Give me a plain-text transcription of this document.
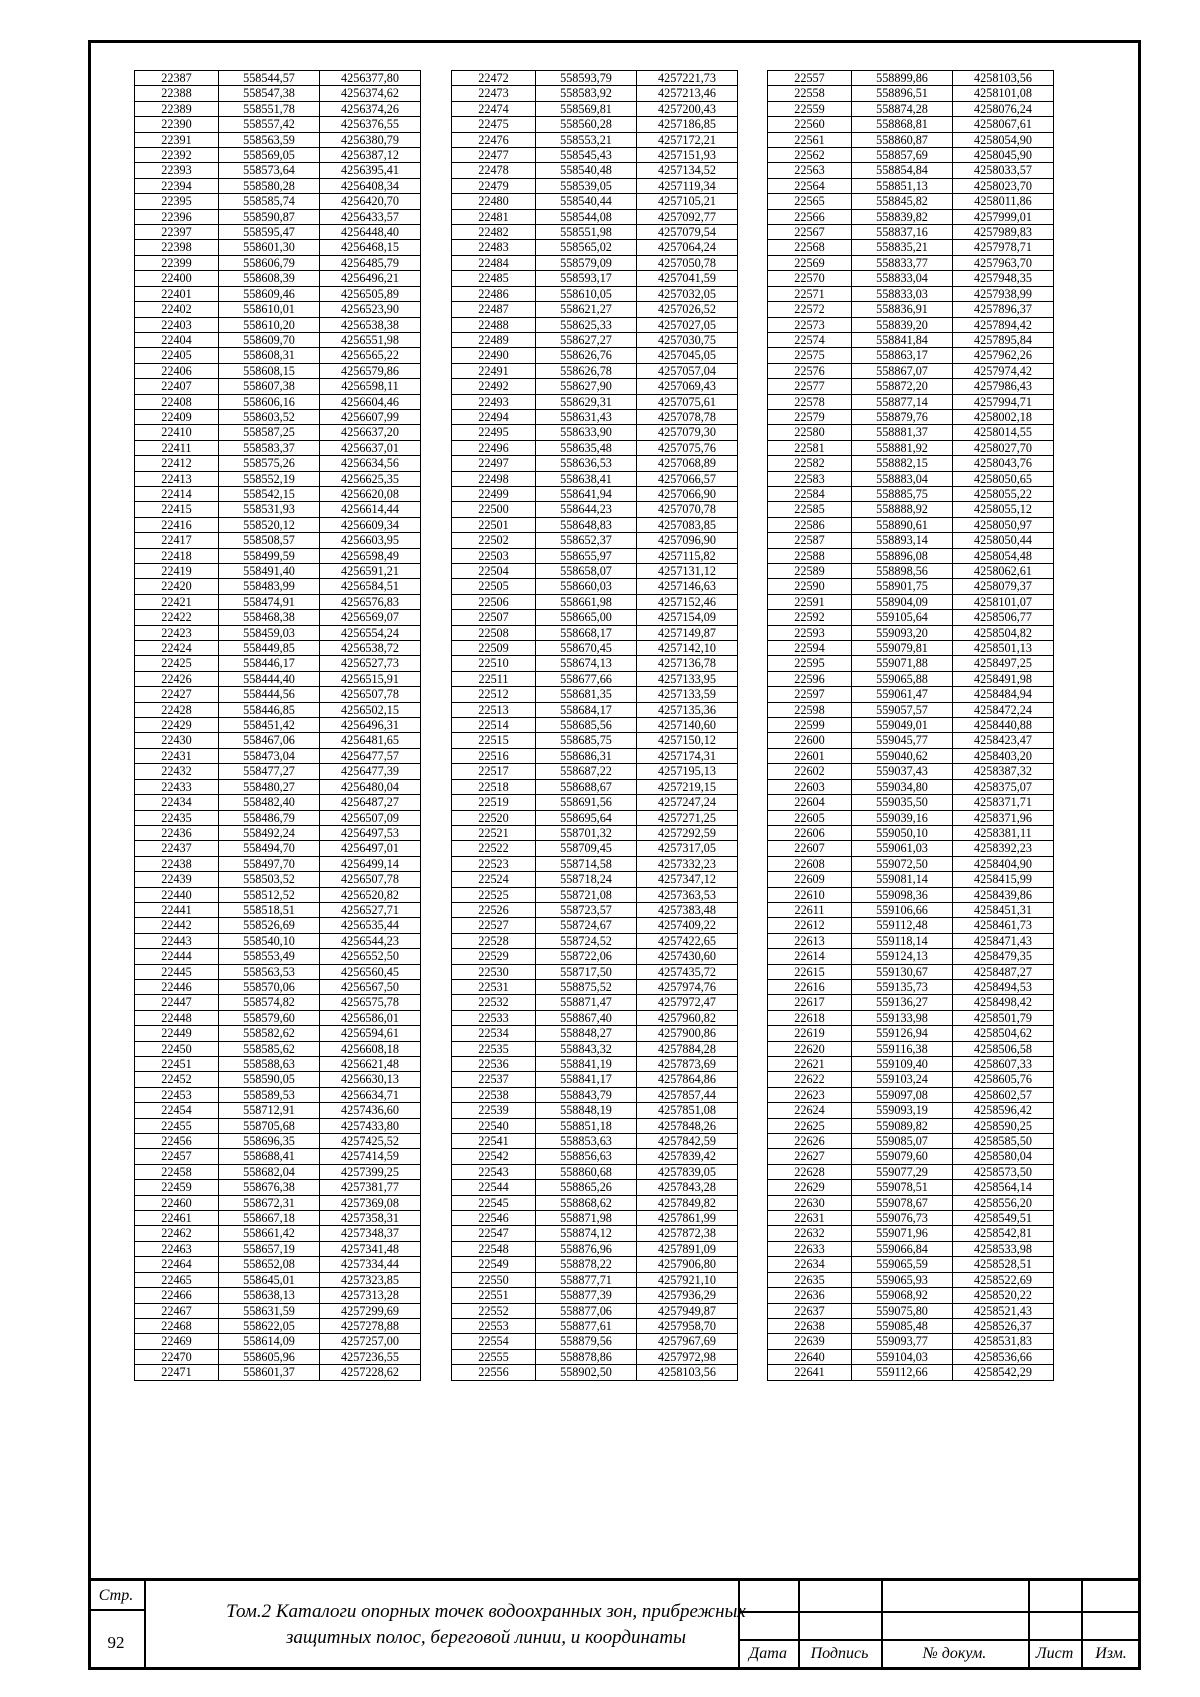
22387	558544,57	4256377,80
22388	558547,38	4256374,62
22389	558551,78	4256374,26
22390	558557,42	4256376,55
22391	558563,59	4256380,79
22392	558569,05	4256387,12
22393	558573,64	4256395,41
22394	558580,28	4256408,34
22395	558585,74	4256420,70
22396	558590,87	4256433,57
22397	558595,47	4256448,40
22398	558601,30	4256468,15
22399	558606,79	4256485,79
22400	558608,39	4256496,21
22401	558609,46	4256505,89
22402	558610,01	4256523,90
22403	558610,20	4256538,38
22404	558609,70	4256551,98
22405	558608,31	4256565,22
22406	558608,15	4256579,86
22407	558607,38	4256598,11
22408	558606,16	4256604,46
22409	558603,52	4256607,99
22410	558587,25	4256637,20
22411	558583,37	4256637,01
22412	558575,26	4256634,56
22413	558552,19	4256625,35
22414	558542,15	4256620,08
22415	558531,93	4256614,44
22416	558520,12	4256609,34
22417	558508,57	4256603,95
22418	558499,59	4256598,49
22419	558491,40	4256591,21
22420	558483,99	4256584,51
22421	558474,91	4256576,83
22422	558468,38	4256569,07
22423	558459,03	4256554,24
22424	558449,85	4256538,72
22425	558446,17	4256527,73
22426	558444,40	4256515,91
22427	558444,56	4256507,78
22428	558446,85	4256502,15
22429	558451,42	4256496,31
22430	558467,06	4256481,65
22431	558473,04	4256477,57
22432	558477,27	4256477,39
22433	558480,27	4256480,04
22434	558482,40	4256487,27
22435	558486,79	4256507,09
22436	558492,24	4256497,53
22437	558494,70	4256497,01
22438	558497,70	4256499,14
22439	558503,52	4256507,78
22440	558512,52	4256520,82
22441	558518,51	4256527,71
22442	558526,69	4256535,44
22443	558540,10	4256544,23
22444	558553,49	4256552,50
22445	558563,53	4256560,45
22446	558570,06	4256567,50
22447	558574,82	4256575,78
22448	558579,60	4256586,01
22449	558582,62	4256594,61
22450	558585,62	4256608,18
22451	558588,63	4256621,48
22452	558590,05	4256630,13
22453	558589,53	4256634,71
22454	558712,91	4257436,60
22455	558705,68	4257433,80
22456	558696,35	4257425,52
22457	558688,41	4257414,59
22458	558682,04	4257399,25
22459	558676,38	4257381,77
22460	558672,31	4257369,08
22461	558667,18	4257358,31
22462	558661,42	4257348,37
22463	558657,19	4257341,48
22464	558652,08	4257334,44
22465	558645,01	4257323,85
22466	558638,13	4257313,28
22467	558631,59	4257299,69
22468	558622,05	4257278,88
22469	558614,09	4257257,00
22470	558605,96	4257236,55
22471	558601,37	4257228,62
22472	558593,79	4257221,73
22473	558583,92	4257213,46
22474	558569,81	4257200,43
22475	558560,28	4257186,85
22476	558553,21	4257172,21
22477	558545,43	4257151,93
22478	558540,48	4257134,52
22479	558539,05	4257119,34
22480	558540,44	4257105,21
22481	558544,08	4257092,77
22482	558551,98	4257079,54
22483	558565,02	4257064,24
22484	558579,09	4257050,78
22485	558593,17	4257041,59
22486	558610,05	4257032,05
22487	558621,27	4257026,52
22488	558625,33	4257027,05
22489	558627,27	4257030,75
22490	558626,76	4257045,05
22491	558626,78	4257057,04
22492	558627,90	4257069,43
22493	558629,31	4257075,61
22494	558631,43	4257078,78
22495	558633,90	4257079,30
22496	558635,48	4257075,76
22497	558636,53	4257068,89
22498	558638,41	4257066,57
22499	558641,94	4257066,90
22500	558644,23	4257070,78
22501	558648,83	4257083,85
22502	558652,37	4257096,90
22503	558655,97	4257115,82
22504	558658,07	4257131,12
22505	558660,03	4257146,63
22506	558661,98	4257152,46
22507	558665,00	4257154,09
22508	558668,17	4257149,87
22509	558670,45	4257142,10
22510	558674,13	4257136,78
22511	558677,66	4257133,95
22512	558681,35	4257133,59
22513	558684,17	4257135,36
22514	558685,56	4257140,60
22515	558685,75	4257150,12
22516	558686,31	4257174,31
22517	558687,22	4257195,13
22518	558688,67	4257219,15
22519	558691,56	4257247,24
22520	558695,64	4257271,25
22521	558701,32	4257292,59
22522	558709,45	4257317,05
22523	558714,58	4257332,23
22524	558718,24	4257347,12
22525	558721,08	4257363,53
22526	558723,57	4257383,48
22527	558724,67	4257409,22
22528	558724,52	4257422,65
22529	558722,06	4257430,60
22530	558717,50	4257435,72
22531	558875,52	4257974,76
22532	558871,47	4257972,47
22533	558867,40	4257960,82
22534	558848,27	4257900,86
22535	558843,32	4257884,28
22536	558841,19	4257873,69
22537	558841,17	4257864,86
22538	558843,79	4257857,44
22539	558848,19	4257851,08
22540	558851,18	4257848,26
22541	558853,63	4257842,59
22542	558856,63	4257839,42
22543	558860,68	4257839,05
22544	558865,26	4257843,28
22545	558868,62	4257849,82
22546	558871,98	4257861,99
22547	558874,12	4257872,38
22548	558876,96	4257891,09
22549	558878,22	4257906,80
22550	558877,71	4257921,10
22551	558877,39	4257936,29
22552	558877,06	4257949,87
22553	558877,61	4257958,70
22554	558879,56	4257967,69
22555	558878,86	4257972,98
22556	558902,50	4258103,56
22557	558899,86	4258103,56
22558	558896,51	4258101,08
22559	558874,28	4258076,24
22560	558868,81	4258067,61
22561	558860,87	4258054,90
22562	558857,69	4258045,90
22563	558854,84	4258033,57
22564	558851,13	4258023,70
22565	558845,82	4258011,86
22566	558839,82	4257999,01
22567	558837,16	4257989,83
22568	558835,21	4257978,71
22569	558833,77	4257963,70
22570	558833,04	4257948,35
22571	558833,03	4257938,99
22572	558836,91	4257896,37
22573	558839,20	4257894,42
22574	558841,84	4257895,84
22575	558863,17	4257962,26
22576	558867,07	4257974,42
22577	558872,20	4257986,43
22578	558877,14	4257994,71
22579	558879,76	4258002,18
22580	558881,37	4258014,55
22581	558881,92	4258027,70
22582	558882,15	4258043,76
22583	558883,04	4258050,65
22584	558885,75	4258055,22
22585	558888,92	4258055,12
22586	558890,61	4258050,97
22587	558893,14	4258050,44
22588	558896,08	4258054,48
22589	558898,56	4258062,61
22590	558901,75	4258079,37
22591	558904,09	4258101,07
22592	559105,64	4258506,77
22593	559093,20	4258504,82
22594	559079,81	4258501,13
22595	559071,88	4258497,25
22596	559065,88	4258491,98
22597	559061,47	4258484,94
22598	559057,57	4258472,24
22599	559049,01	4258440,88
22600	559045,77	4258423,47
22601	559040,62	4258403,20
22602	559037,43	4258387,32
22603	559034,80	4258375,07
22604	559035,50	4258371,71
22605	559039,16	4258371,96
22606	559050,10	4258381,11
22607	559061,03	4258392,23
22608	559072,50	4258404,90
22609	559081,14	4258415,99
22610	559098,36	4258439,86
22611	559106,66	4258451,31
22612	559112,48	4258461,73
22613	559118,14	4258471,43
22614	559124,13	4258479,35
22615	559130,67	4258487,27
22616	559135,73	4258494,53
22617	559136,27	4258498,42
22618	559133,98	4258501,79
22619	559126,94	4258504,62
22620	559116,38	4258506,58
22621	559109,40	4258607,33
22622	559103,24	4258605,76
22623	559097,08	4258602,57
22624	559093,19	4258596,42
22625	559089,82	4258590,25
22626	559085,07	4258585,50
22627	559079,60	4258580,04
22628	559077,29	4258573,50
22629	559078,51	4258564,14
22630	559078,67	4258556,20
22631	559076,73	4258549,51
22632	559071,96	4258542,81
22633	559066,84	4258533,98
22634	559065,59	4258528,51
22635	559065,93	4258522,69
22636	559068,92	4258520,22
22637	559075,80	4258521,43
22638	559085,48	4258526,37
22639	559093,77	4258531,83
22640	559104,03	4258536,66
22641	559112,66	4258542,29
Стр.
92
Том.2 Каталоги опорных точек водоохранных зон, прибрежных
защитных полос, береговой линии, и координаты
Дата	Подпись	№ докум.	Лист	Изм.
